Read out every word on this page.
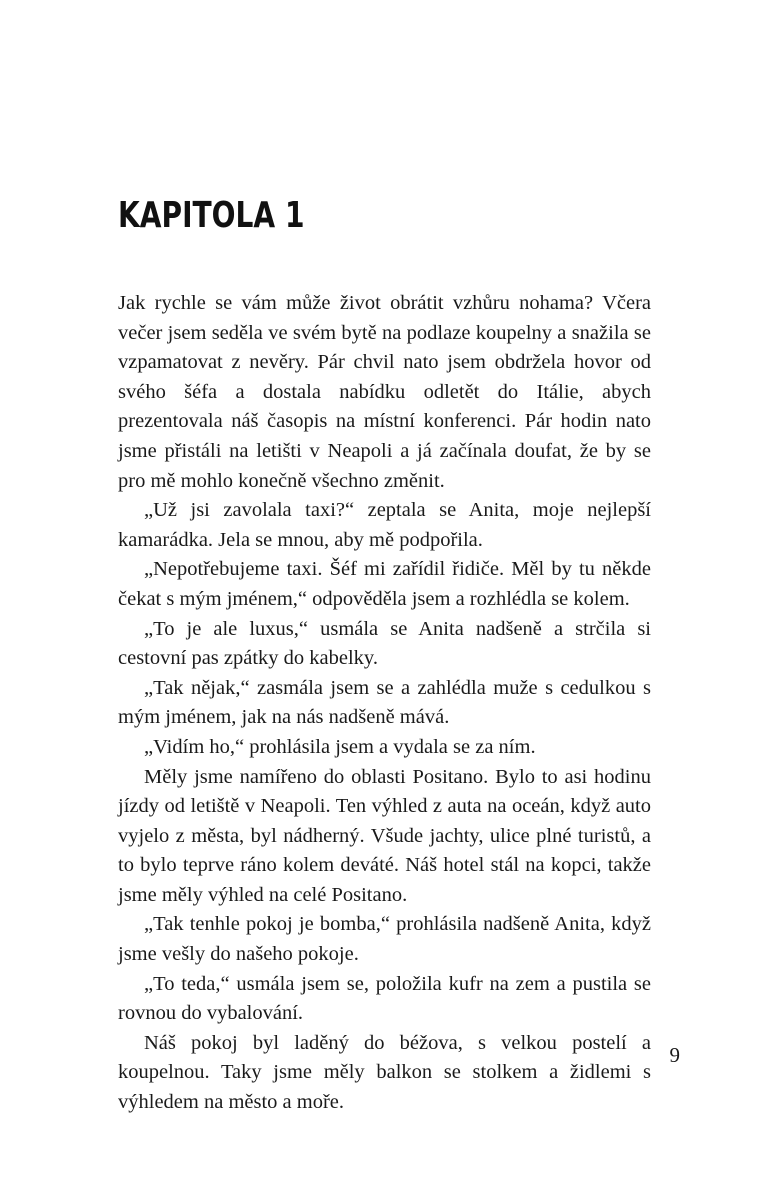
KAPITOLA 1

Jak rychle se vám může život obrátit vzhůru nohama? Včera večer jsem seděla ve svém bytě na podlaze koupelny a snažila se vzpamatovat z nevěry. Pár chvil nato jsem obdržela hovor od svého šéfa a dostala nabídku odletět do Itálie, abych prezentovala náš časopis na místní konferenci. Pár hodin nato jsme přistáli na letišti v Neapoli a já začínala doufat, že by se pro mě mohlo konečně všechno změnit.

„Už jsi zavolala taxi?“ zeptala se Anita, moje nejlepší kamarádka. Jela se mnou, aby mě podpořila.

„Nepotřebujeme taxi. Šéf mi zařídil řidiče. Měl by tu někde čekat s mým jménem,“ odpověděla jsem a rozhlédla se kolem.

„To je ale luxus,“ usmála se Anita nadšeně a strčila si cestovní pas zpátky do kabelky.

„Tak nějak,“ zasmála jsem se a zahlédla muže s cedulkou s mým jménem, jak na nás nadšeně mává.

„Vidím ho,“ prohlásila jsem a vydala se za ním.

Měly jsme namířeno do oblasti Positano. Bylo to asi hodinu jízdy od letiště v Neapoli. Ten výhled z auta na oceán, když auto vyjelo z města, byl nádherný. Všude jachty, ulice plné turistů, a to bylo teprve ráno kolem deváté. Náš hotel stál na kopci, takže jsme měly výhled na celé Positano.

„Tak tenhle pokoj je bomba,“ prohlásila nadšeně Anita, když jsme vešly do našeho pokoje.

„To teda,“ usmála jsem se, položila kufr na zem a pustila se rovnou do vybalování.

Náš pokoj byl laděný do béžova, s velkou postelí a koupelnou. Taky jsme měly balkon se stolkem a židlemi s výhledem na město a moře.

9
